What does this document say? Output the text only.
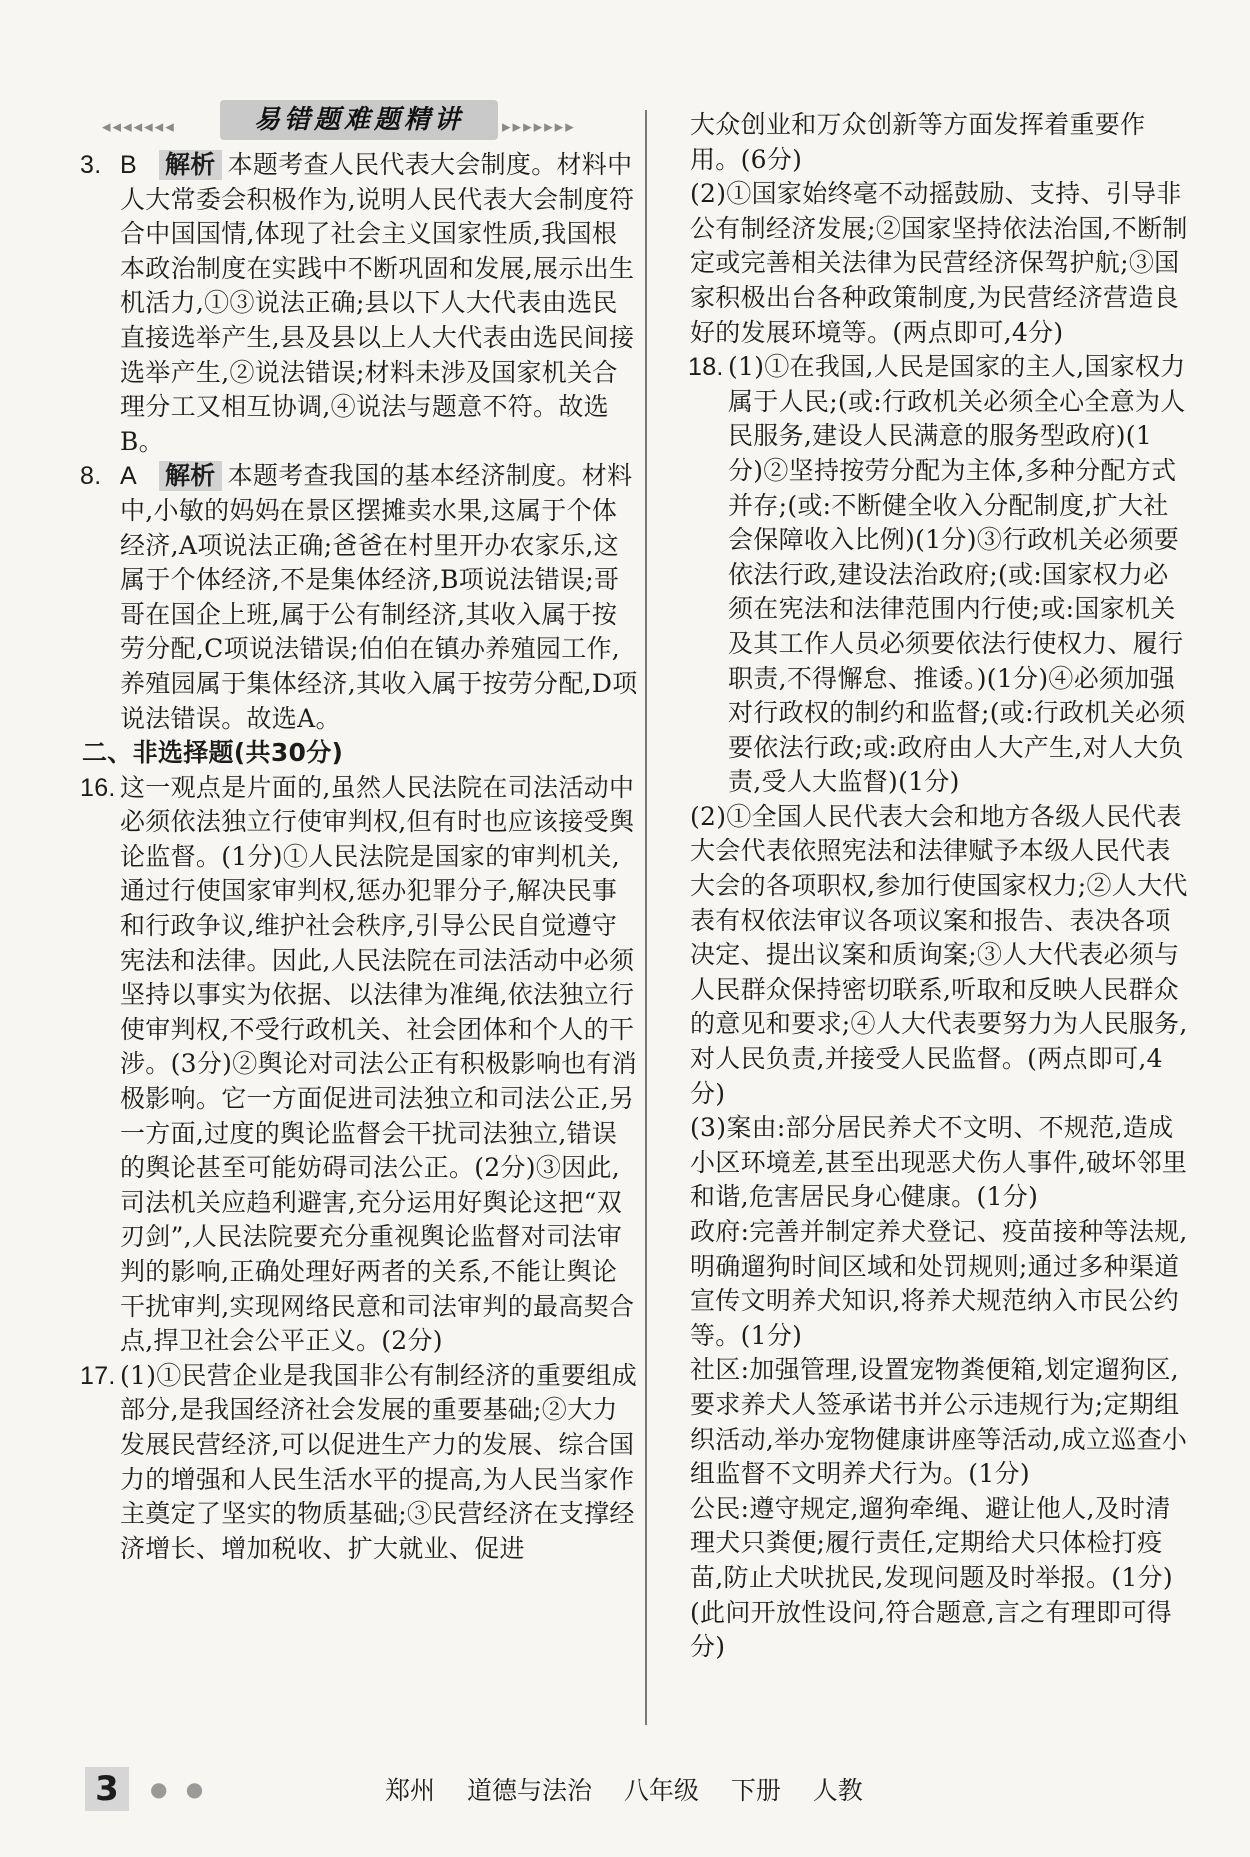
◂◂◂◂◂◂◂	易错题难题精讲	▸▸▸▸▸▸▸

3. B 解析 本题考查人民代表大会制度。材料中人大常委会积极作为,说明人民代表大会制度符合中国国情,体现了社会主义国家性质,我国根本政治制度在实践中不断巩固和发展,展示出生机活力,①③说法正确;县以下人大代表由选民直接选举产生,县及县以上人大代表由选民间接选举产生,②说法错误;材料未涉及国家机关合理分工又相互协调,④说法与题意不符。故选B。

8. A 解析 本题考查我国的基本经济制度。材料中,小敏的妈妈在景区摆摊卖水果,这属于个体经济,A项说法正确;爸爸在村里开办农家乐,这属于个体经济,不是集体经济,B项说法错误;哥哥在国企上班,属于公有制经济,其收入属于按劳分配,C项说法错误;伯伯在镇办养殖园工作,养殖园属于集体经济,其收入属于按劳分配,D项说法错误。故选A。

二、非选择题(共30分)

16. 这一观点是片面的,虽然人民法院在司法活动中必须依法独立行使审判权,但有时也应该接受舆论监督。(1分)①人民法院是国家的审判机关,通过行使国家审判权,惩办犯罪分子,解决民事和行政争议,维护社会秩序,引导公民自觉遵守宪法和法律。因此,人民法院在司法活动中必须坚持以事实为依据、以法律为准绳,依法独立行使审判权,不受行政机关、社会团体和个人的干涉。(3分)②舆论对司法公正有积极影响也有消极影响。它一方面促进司法独立和司法公正,另一方面,过度的舆论监督会干扰司法独立,错误的舆论甚至可能妨碍司法公正。(2分)③因此,司法机关应趋利避害,充分运用好舆论这把“双刃剑”,人民法院要充分重视舆论监督对司法审判的影响,正确处理好两者的关系,不能让舆论干扰审判,实现网络民意和司法审判的最高契合点,捍卫社会公平正义。(2分)

17. (1)①民营企业是我国非公有制经济的重要组成部分,是我国经济社会发展的重要基础;②大力发展民营经济,可以促进生产力的发展、综合国力的增强和人民生活水平的提高,为人民当家作主奠定了坚实的物质基础;③民营经济在支撑经济增长、增加税收、扩大就业、促进

大众创业和万众创新等方面发挥着重要作用。(6分)

(2)①国家始终毫不动摇鼓励、支持、引导非公有制经济发展;②国家坚持依法治国,不断制定或完善相关法律为民营经济保驾护航;③国家积极出台各种政策制度,为民营经济营造良好的发展环境等。(两点即可,4分)

18. (1)①在我国,人民是国家的主人,国家权力属于人民;(或:行政机关必须全心全意为人民服务,建设人民满意的服务型政府)(1分)②坚持按劳分配为主体,多种分配方式并存;(或:不断健全收入分配制度,扩大社会保障收入比例)(1分)③行政机关必须要依法行政,建设法治政府;(或:国家权力必须在宪法和法律范围内行使;或:国家机关及其工作人员必须要依法行使权力、履行职责,不得懈怠、推诿。)(1分)④必须加强对行政权的制约和监督;(或:行政机关必须要依法行政;或:政府由人大产生,对人大负责,受人大监督)(1分)

(2)①全国人民代表大会和地方各级人民代表大会代表依照宪法和法律赋予本级人民代表大会的各项职权,参加行使国家权力;②人大代表有权依法审议各项议案和报告、表决各项决定、提出议案和质询案;③人大代表必须与人民群众保持密切联系,听取和反映人民群众的意见和要求;④人大代表要努力为人民服务,对人民负责,并接受人民监督。(两点即可,4分)

(3)案由:部分居民养犬不文明、不规范,造成小区环境差,甚至出现恶犬伤人事件,破坏邻里和谐,危害居民身心健康。(1分)

政府:完善并制定养犬登记、疫苗接种等法规,明确遛狗时间区域和处罚规则;通过多种渠道宣传文明养犬知识,将养犬规范纳入市民公约等。(1分)

社区:加强管理,设置宠物粪便箱,划定遛狗区,要求养犬人签承诺书并公示违规行为;定期组织活动,举办宠物健康讲座等活动,成立巡查小组监督不文明养犬行为。(1分)

公民:遵守规定,遛狗牵绳、避让他人,及时清理犬只粪便;履行责任,定期给犬只体检打疫苗,防止犬吠扰民,发现问题及时举报。(1分)(此问开放性设问,符合题意,言之有理即可得分)

3	● ●	郑州 道德与法治 八年级 下册 人教
